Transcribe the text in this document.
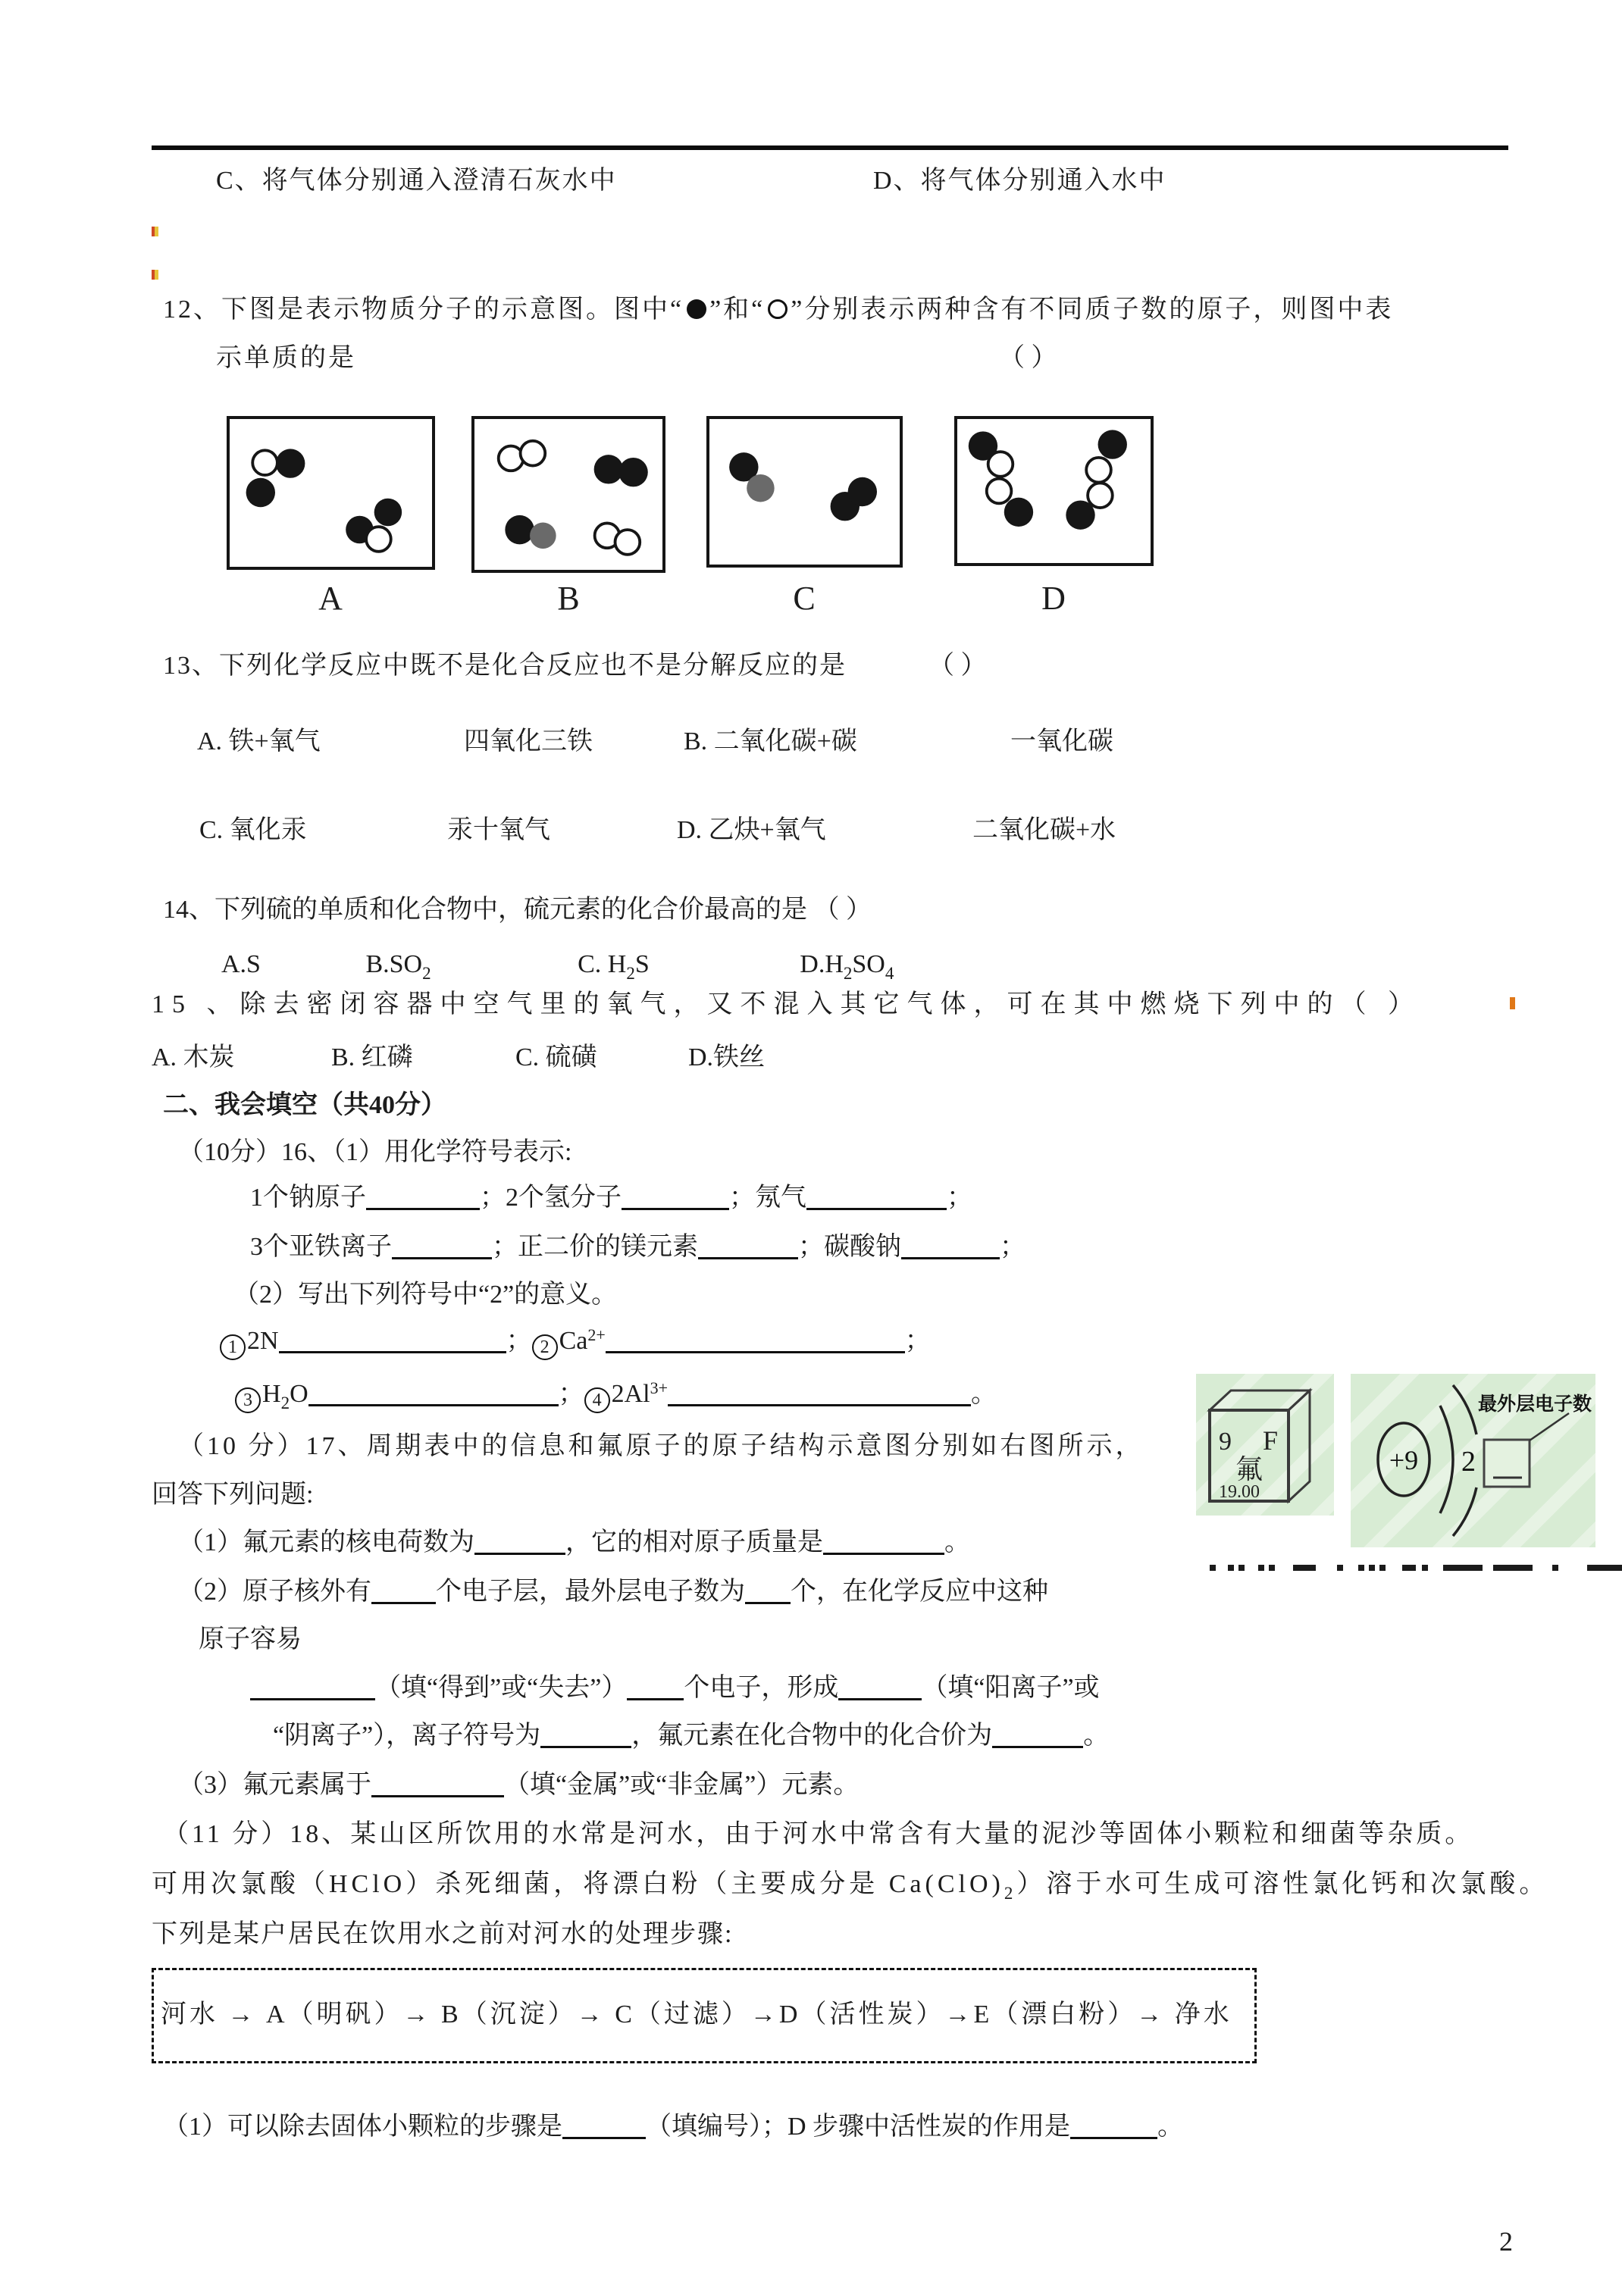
C、将气体分别通入澄清石灰水中	D、将气体分别通入水中
12、下图是表示物质分子的示意图。图中“ ”和“ ”分别表示两种含有不同质子数的原子，则图中表
示单质的是	（ ）
A	B	C	D
13、下列化学反应中既不是化合反应也不是分解反应的是	（ ）
A. 铁+氧气	四氧化三铁	B. 二氧化碳+碳	一氧化碳
C. 氧化汞	汞十氧气	D. 乙炔+氧气	二氧化碳+水
14、下列硫的单质和化合物中，硫元素的化合价最高的是 （ ）
A.S	$B.SO_2$	C. $H_2S$	$D.H_2SO_4$
15 、除去密闭容器中空气里的氧气，又不混入其它气体，可在其中燃烧下列中的（ ）
A. 木炭	B. 红磷	C. 硫磺	D.铁丝
二、我会填空（共40分）
（10分）16、（1）用化学符号表示:
1个钠原子	；2个氢分子	；氖气	；
3个亚铁离子	；正二价的镁元素	；碳酸钠	；
（2）写出下列符号中“2”的意义。
1 2N	； 2 $Ca^{2+}$	；
3 $H_2O$	； 4 $2Al^{3+}$	。
（10 分）17、周期表中的信息和氟原子的原子结构示意图分别如右图所示，
回答下列问题:
（1）氟元素的核电荷数为	，它的相对原子质量是	。
（2）原子核外有	个电子层，最外层电子数为 个，在化学反应中这种
原子容易
（填“得到”或“失去”） 个电子，形成	（填“阳离子”或
“阴离子”），离子符号为	，氟元素在化合物中的化合价为	。
（3）氟元素属于	（填“金属”或“非金属”）元素。
9 F
氟
19.00
+9 2
最外层电子数
（11 分）18、某山区所饮用的水常是河水，由于河水中常含有大量的泥沙等固体小颗粒和细菌等杂质。
可用次氯酸（HClO）杀死细菌，将漂白粉（主要成分是 $Ca(ClO)_2$）溶于水可生成可溶性氯化钙和次氯酸。
下列是某户居民在饮用水之前对河水的处理步骤:
河水 → A（明矾）→ B（沉淀）→ C（过滤）→D（活性炭）→E（漂白粉）→ 净水
（1）可以除去固体小颗粒的步骤是	（填编号）；D 步骤中活性炭的作用是	。
2
